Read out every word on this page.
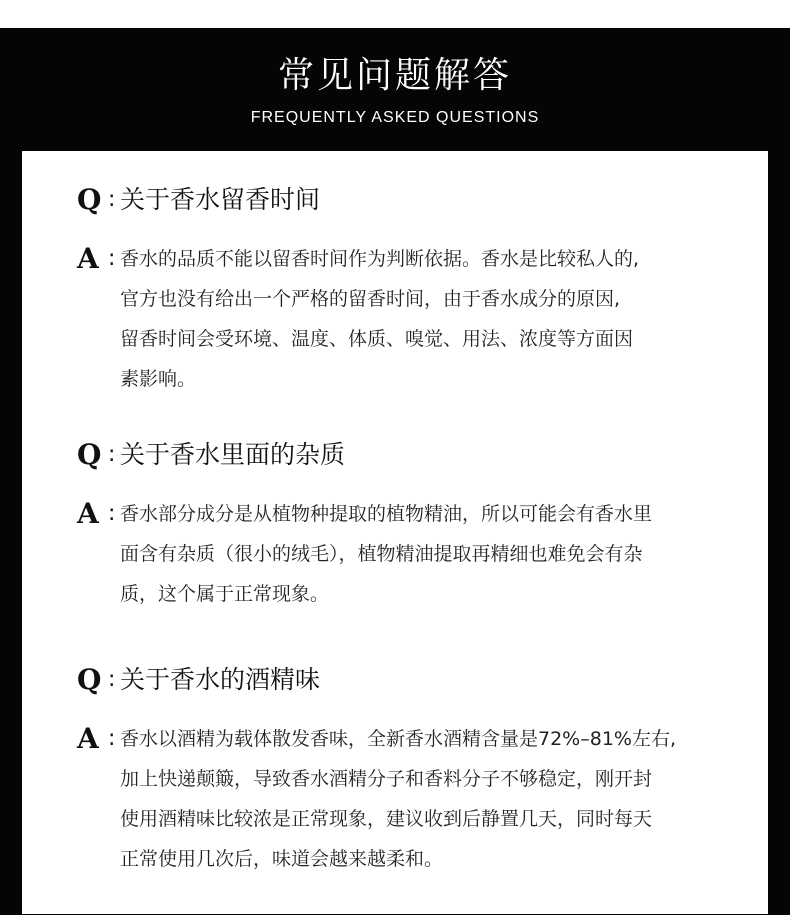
常见问题解答
FREQUENTLY ASKED QUESTIONS
Q : 关于香水留香时间
A : 香水的品质不能以留香时间作为判断依据。香水是比较私人的,
官方也没有给出一个严格的留香时间，由于香水成分的原因,
留香时间会受环境、温度、体质、嗅觉、用法、浓度等方面因
素影响。
Q : 关于香水里面的杂质
A : 香水部分成分是从植物种提取的植物精油，所以可能会有香水里
面含有杂质（很小的绒毛），植物精油提取再精细也难免会有杂
质，这个属于正常现象。
Q : 关于香水的酒精味
A : 香水以酒精为载体散发香味，全新香水酒精含量是72%–81%左右,
加上快递颠簸，导致香水酒精分子和香料分子不够稳定，刚开封
使用酒精味比较浓是正常现象，建议收到后静置几天，同时每天
正常使用几次后，味道会越来越柔和。
